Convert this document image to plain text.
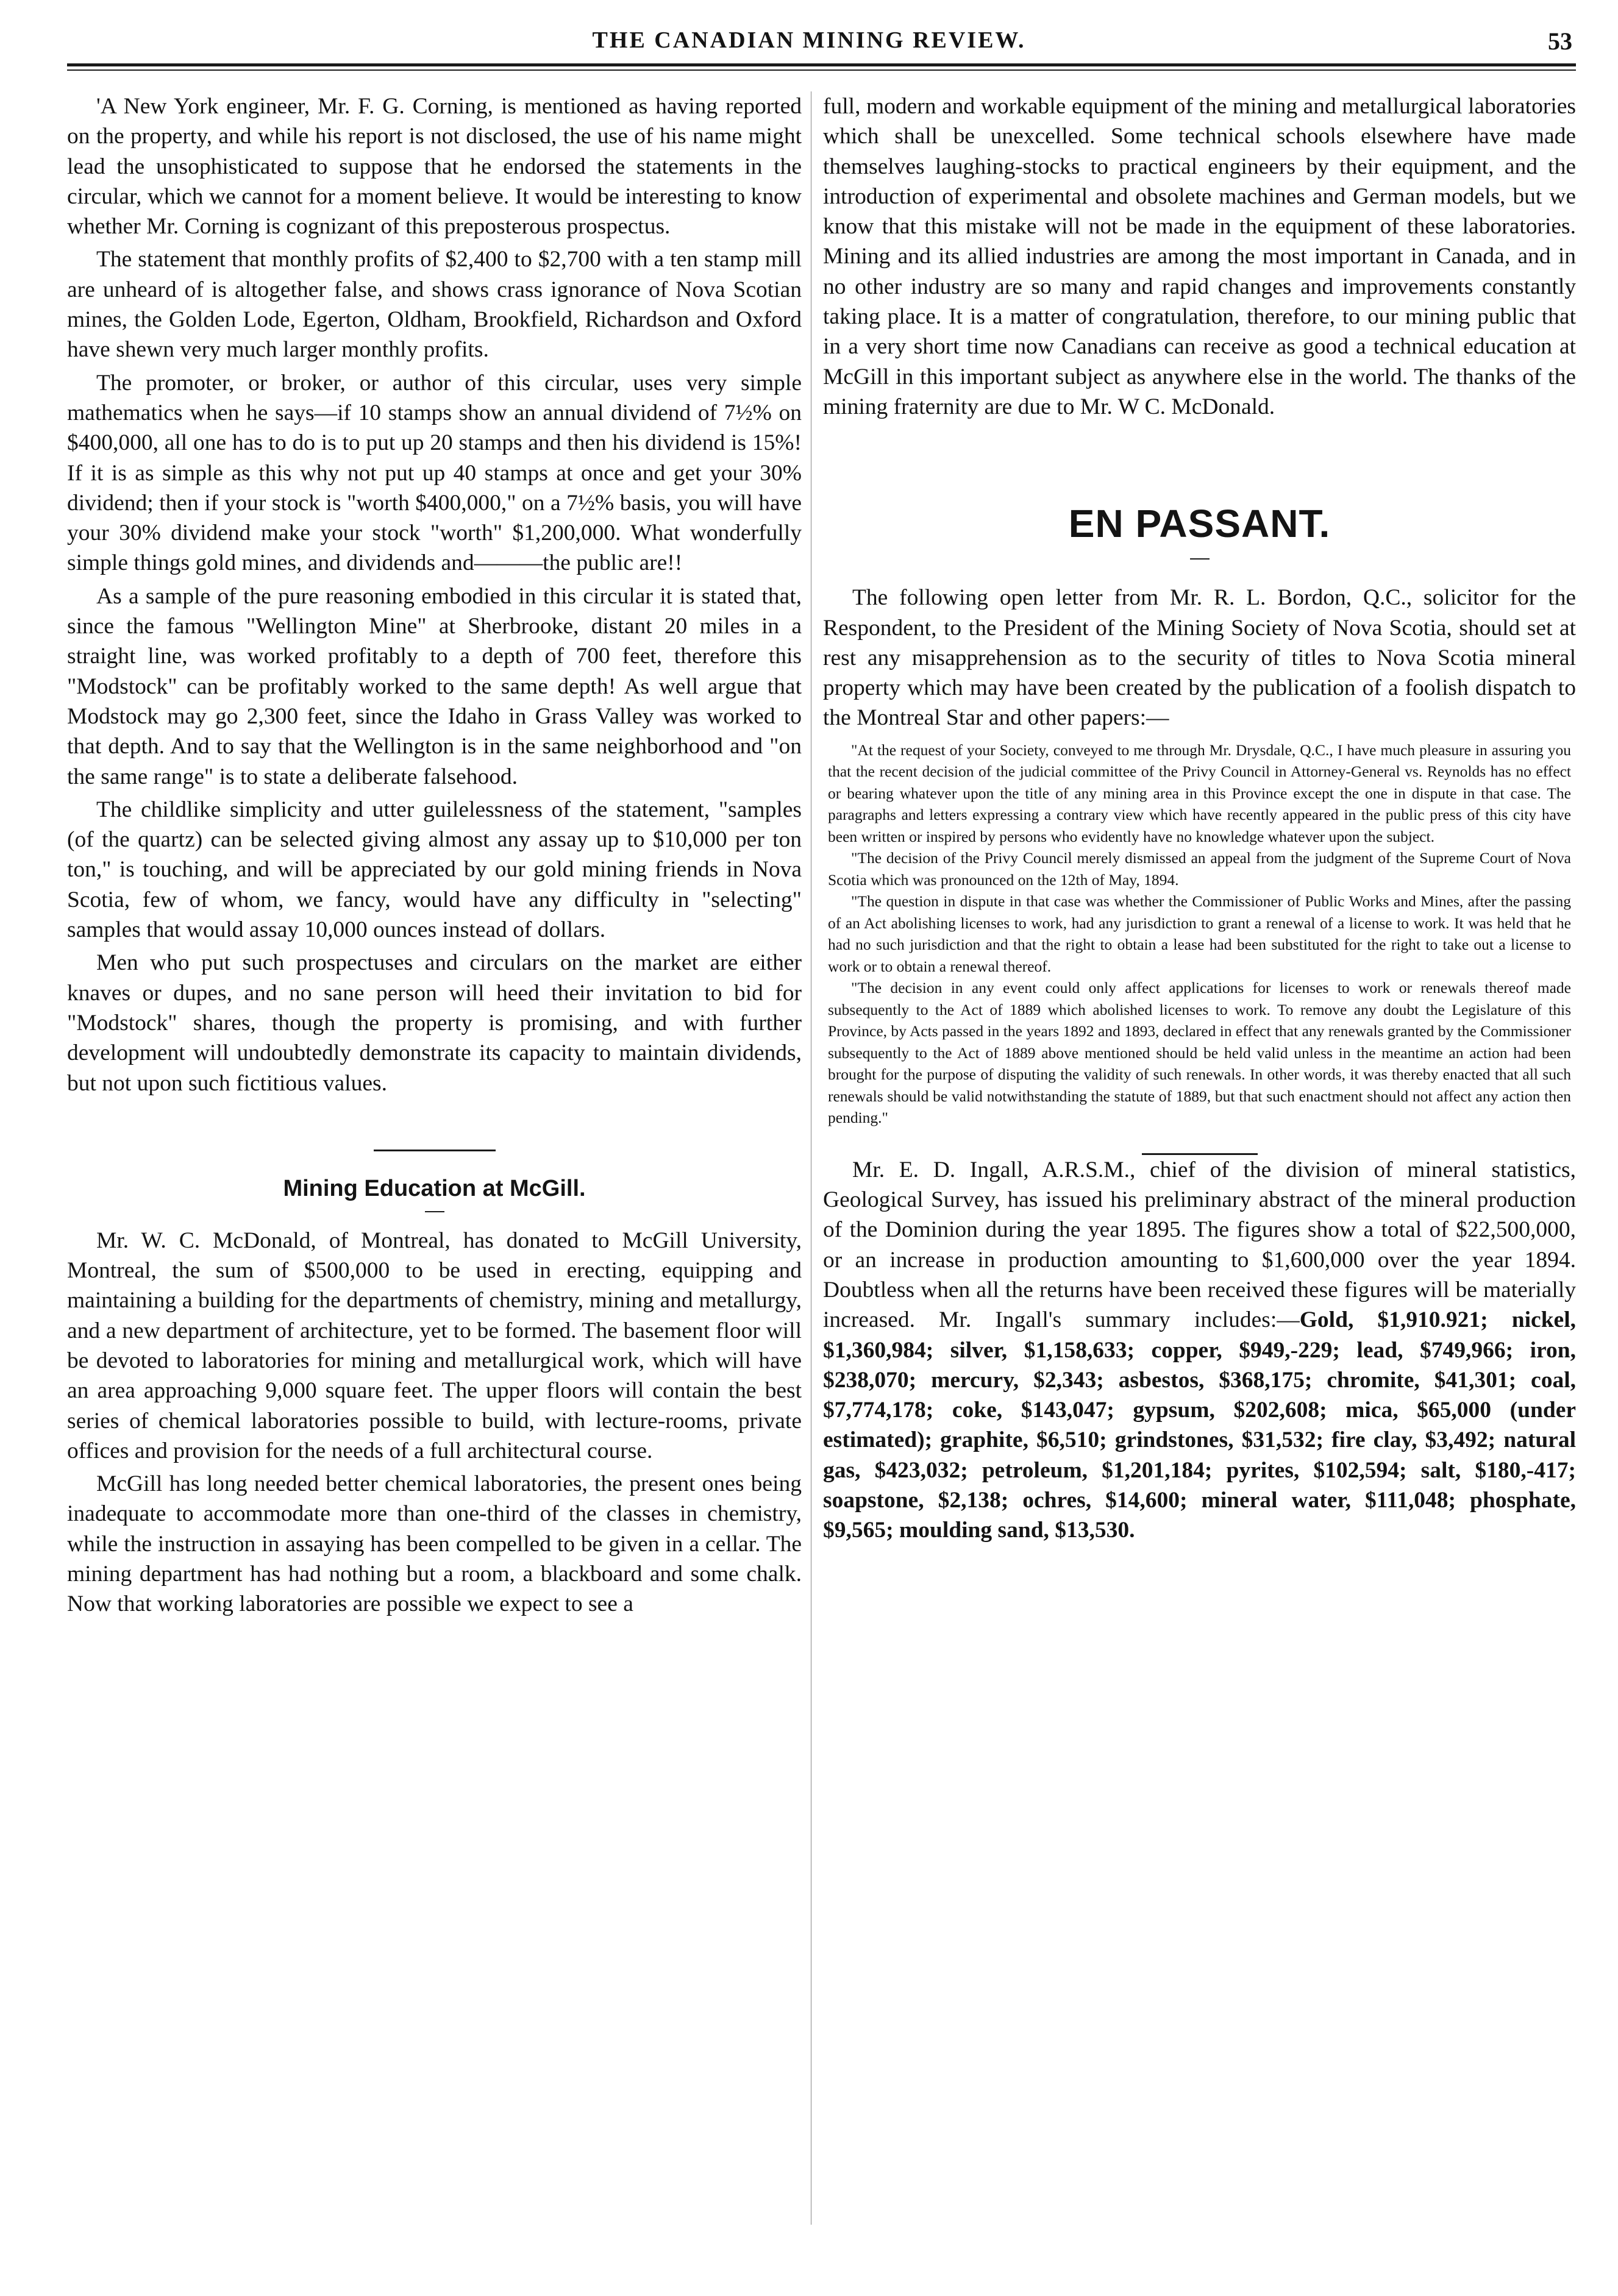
THE CANADIAN MINING REVIEW.	53

'A New York engineer, Mr. F. G. Corning, is mentioned as having reported on the property, and while his report is not disclosed, the use of his name might lead the unsophisticated to suppose that he endorsed the statements in the circular, which we cannot for a moment believe. It would be interesting to know whether Mr. Corning is cognizant of this preposterous prospectus.

The statement that monthly profits of $2,400 to $2,700 with a ten stamp mill are unheard of is altogether false, and shows crass ignorance of Nova Scotian mines, the Golden Lode, Egerton, Oldham, Brookfield, Richardson and Oxford have shewn very much larger monthly profits.

The promoter, or broker, or author of this circular, uses very simple mathematics when he says—if 10 stamps show an annual dividend of 7½% on $400,000, all one has to do is to put up 20 stamps and then his dividend is 15%! If it is as simple as this why not put up 40 stamps at once and get your 30% dividend; then if your stock is "worth $400,000," on a 7½% basis, you will have your 30% dividend make your stock "worth" $1,200,000. What wonderfully simple things gold mines, and dividends and———the public are!!

As a sample of the pure reasoning embodied in this circular it is stated that, since the famous "Wellington Mine" at Sherbrooke, distant 20 miles in a straight line, was worked profitably to a depth of 700 feet, therefore this "Modstock" can be profitably worked to the same depth! As well argue that Modstock may go 2,300 feet, since the Idaho in Grass Valley was worked to that depth. And to say that the Wellington is in the same neighborhood and "on the same range" is to state a deliberate falsehood.

The childlike simplicity and utter guilelessness of the statement, "samples (of the quartz) can be selected giving almost any assay up to $10,000 per ton ton," is touching, and will be appreciated by our gold mining friends in Nova Scotia, few of whom, we fancy, would have any difficulty in "selecting" samples that would assay 10,000 ounces instead of dollars.

Men who put such prospectuses and circulars on the market are either knaves or dupes, and no sane person will heed their invitation to bid for "Modstock" shares, though the property is promising, and with further development will undoubtedly demonstrate its capacity to maintain dividends, but not upon such fictitious values.

Mining Education at McGill.

Mr. W. C. McDonald, of Montreal, has donated to McGill University, Montreal, the sum of $500,000 to be used in erecting, equipping and maintaining a building for the departments of chemistry, mining and metallurgy, and a new department of architecture, yet to be formed. The basement floor will be devoted to laboratories for mining and metallurgical work, which will have an area approaching 9,000 square feet. The upper floors will contain the best series of chemical laboratories possible to build, with lecture-rooms, private offices and provision for the needs of a full architectural course.

McGill has long needed better chemical laboratories, the present ones being inadequate to accommodate more than one-third of the classes in chemistry, while the instruction in assaying has been compelled to be given in a cellar. The mining department has had nothing but a room, a blackboard and some chalk. Now that working laboratories are possible we expect to see a

full, modern and workable equipment of the mining and metallurgical laboratories which shall be unexcelled. Some technical schools elsewhere have made themselves laughing-stocks to practical engineers by their equipment, and the introduction of experimental and obsolete machines and German models, but we know that this mistake will not be made in the equipment of these laboratories. Mining and its allied industries are among the most important in Canada, and in no other industry are so many and rapid changes and improvements constantly taking place. It is a matter of congratulation, therefore, to our mining public that in a very short time now Canadians can receive as good a technical education at McGill in this important subject as anywhere else in the world. The thanks of the mining fraternity are due to Mr. W C. McDonald.

EN PASSANT.

The following open letter from Mr. R. L. Bordon, Q.C., solicitor for the Respondent, to the President of the Mining Society of Nova Scotia, should set at rest any misapprehension as to the security of titles to Nova Scotia mineral property which may have been created by the publication of a foolish dispatch to the Montreal Star and other papers:—

"At the request of your Society, conveyed to me through Mr. Drysdale, Q.C., I have much pleasure in assuring you that the recent decision of the judicial committee of the Privy Council in Attorney-General vs. Reynolds has no effect or bearing whatever upon the title of any mining area in this Province except the one in dispute in that case. The paragraphs and letters expressing a contrary view which have recently appeared in the public press of this city have been written or inspired by persons who evidently have no knowledge whatever upon the subject.

"The decision of the Privy Council merely dismissed an appeal from the judgment of the Supreme Court of Nova Scotia which was pronounced on the 12th of May, 1894.

"The question in dispute in that case was whether the Commissioner of Public Works and Mines, after the passing of an Act abolishing licenses to work, had any jurisdiction to grant a renewal of a license to work. It was held that he had no such jurisdiction and that the right to obtain a lease had been substituted for the right to take out a license to work or to obtain a renewal thereof.

"The decision in any event could only affect applications for licenses to work or renewals thereof made subsequently to the Act of 1889 which abolished licenses to work. To remove any doubt the Legislature of this Province, by Acts passed in the years 1892 and 1893, declared in effect that any renewals granted by the Commissioner subsequently to the Act of 1889 above mentioned should be held valid unless in the meantime an action had been brought for the purpose of disputing the validity of such renewals. In other words, it was thereby enacted that all such renewals should be valid notwithstanding the statute of 1889, but that such enactment should not affect any action then pending."

Mr. E. D. Ingall, A.R.S.M., chief of the division of mineral statistics, Geological Survey, has issued his preliminary abstract of the mineral production of the Dominion during the year 1895. The figures show a total of $22,500,000, or an increase in production amounting to $1,600,000 over the year 1894. Doubtless when all the returns have been received these figures will be materially increased. Mr. Ingall's summary includes:—Gold, $1,910.921; nickel, $1,360,984; silver, $1,158,633; copper, $949,-229; lead, $749,966; iron, $238,070; mercury, $2,343; asbestos, $368,175; chromite, $41,301; coal, $7,774,178; coke, $143,047; gypsum, $202,608; mica, $65,000 (under estimated); graphite, $6,510; grindstones, $31,532; fire clay, $3,492; natural gas, $423,032; petroleum, $1,201,184; pyrites, $102,594; salt, $180,-417; soapstone, $2,138; ochres, $14,600; mineral water, $111,048; phosphate, $9,565; moulding sand, $13,530.
